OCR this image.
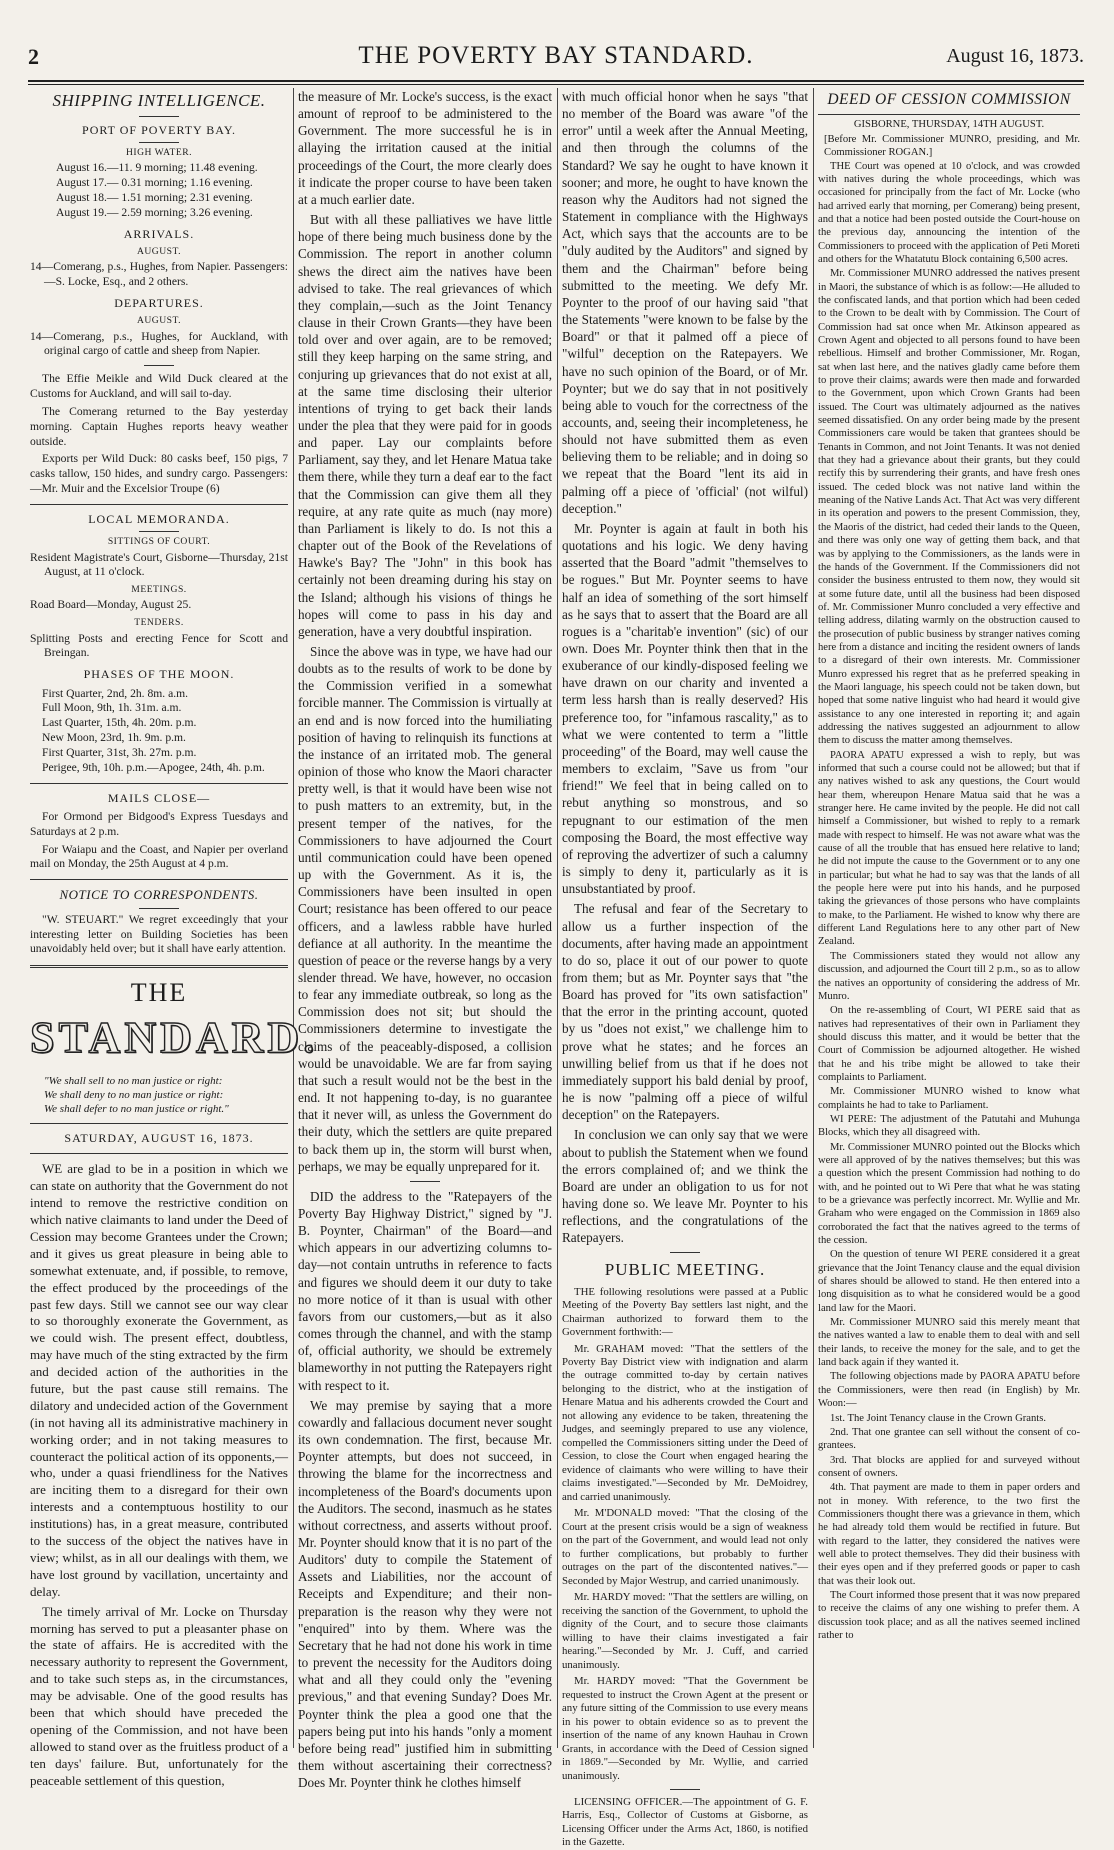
2	THE POVERTY BAY STANDARD.	August 16, 1873.
SHIPPING INTELLIGENCE.
PORT OF POVERTY BAY.
HIGH WATER.
August 16.—11. 9 morning; 11.48 evening.
August 17.— 0.31 morning; 1.16 evening.
August 18.— 1.51 morning; 2.31 evening.
August 19.— 2.59 morning; 3.26 evening.
ARRIVALS.
AUGUST.
14—Comerang, p.s., Hughes, from Napier. Passengers:—S. Locke, Esq., and 2 others.
DEPARTURES.
AUGUST.
14—Comerang, p.s., Hughes, for Auckland, with original cargo of cattle and sheep from Napier.

The Effie Meikle and Wild Duck cleared at the Customs for Auckland, and will sail to-day.

The Comerang returned to the Bay yesterday morning. Captain Hughes reports heavy weather outside.

Exports per Wild Duck: 80 casks beef, 150 pigs, 7 casks tallow, 150 hides, and sundry cargo. Passengers:—Mr. Muir and the Excelsior Troupe (6)

LOCAL MEMORANDA.
SITTINGS OF COURT.
Resident Magistrate's Court, Gisborne—Thursday, 21st August, at 11 o'clock.
MEETINGS.
Road Board—Monday, August 25.
TENDERS.
Splitting Posts and erecting Fence for Scott and Breingan.
PHASES OF THE MOON.
First Quarter, 2nd, 2h. 8m. a.m.
Full Moon, 9th, 1h. 31m. a.m.
Last Quarter, 15th, 4h. 20m. p.m.
New Moon, 23rd, 1h. 9m. p.m.
First Quarter, 31st, 3h. 27m. p.m.
Perigee, 9th, 10h. p.m.—Apogee, 24th, 4h. p.m.
MAILS CLOSE—

For Ormond per Bidgood's Express Tuesdays and Saturdays at 2 p.m.

For Waiapu and the Coast, and Napier per overland mail on Monday, the 25th August at 4 p.m.

NOTICE TO CORRESPONDENTS.

"W. STEUART." We regret exceedingly that your interesting letter on Building Societies has been unavoidably held over; but it shall have early attention.

THE
STANDARD.
"We shall sell to no man justice or right:
We shall deny to no man justice or right:
We shall defer to no man justice or right."
SATURDAY, AUGUST 16, 1873.

WE are glad to be in a position in which we can state on authority that the Government do not intend to remove the restrictive condition on which native claimants to land under the Deed of Cession may become Grantees under the Crown; and it gives us great pleasure in being able to somewhat extenuate, and, if possible, to remove, the effect produced by the proceedings of the past few days. Still we cannot see our way clear to so thoroughly exonerate the Government, as we could wish. The present effect, doubtless, may have much of the sting extracted by the firm and decided action of the authorities in the future, but the past cause still remains. The dilatory and undecided action of the Government (in not having all its administrative machinery in working order; and in not taking measures to counteract the political action of its opponents,—who, under a quasi friendliness for the Natives are inciting them to a disregard for their own interests and a contemptuous hostility to our institutions) has, in a great measure, contributed to the success of the object the natives have in view; whilst, as in all our dealings with them, we have lost ground by vacillation, uncertainty and delay.

The timely arrival of Mr. Locke on Thursday morning has served to put a pleasanter phase on the state of affairs. He is accredited with the necessary authority to represent the Government, and to take such steps as, in the circumstances, may be advisable. One of the good results has been that which should have preceded the opening of the Commission, and not have been allowed to stand over as the fruitless product of a ten days' failure. But, unfortunately for the peaceable settlement of this question,

the measure of Mr. Locke's success, is the exact amount of reproof to be administered to the Government. The more successful he is in allaying the irritation caused at the initial proceedings of the Court, the more clearly does it indicate the proper course to have been taken at a much earlier date.

But with all these palliatives we have little hope of there being much business done by the Commission. The report in another column shews the direct aim the natives have been advised to take. The real grievances of which they complain,—such as the Joint Tenancy clause in their Crown Grants—they have been told over and over again, are to be removed; still they keep harping on the same string, and conjuring up grievances that do not exist at all, at the same time disclosing their ulterior intentions of trying to get back their lands under the plea that they were paid for in goods and paper. Lay our complaints before Parliament, say they, and let Henare Matua take them there, while they turn a deaf ear to the fact that the Commission can give them all they require, at any rate quite as much (nay more) than Parliament is likely to do. Is not this a chapter out of the Book of the Revelations of Hawke's Bay? The "John" in this book has certainly not been dreaming during his stay on the Island; although his visions of things he hopes will come to pass in his day and generation, have a very doubtful inspiration.

Since the above was in type, we have had our doubts as to the results of work to be done by the Commission verified in a somewhat forcible manner. The Commission is virtually at an end and is now forced into the humiliating position of having to relinquish its functions at the instance of an irritated mob. The general opinion of those who know the Maori character pretty well, is that it would have been wise not to push matters to an extremity, but, in the present temper of the natives, for the Commissioners to have adjourned the Court until communication could have been opened up with the Government. As it is, the Commissioners have been insulted in open Court; resistance has been offered to our peace officers, and a lawless rabble have hurled defiance at all authority. In the meantime the question of peace or the reverse hangs by a very slender thread. We have, however, no occasion to fear any immediate outbreak, so long as the Commission does not sit; but should the Commissioners determine to investigate the claims of the peaceably-disposed, a collision would be unavoidable. We are far from saying that such a result would not be the best in the end. It not happening to-day, is no guarantee that it never will, as unless the Government do their duty, which the settlers are quite prepared to back them up in, the storm will burst when, perhaps, we may be equally unprepared for it.

DID the address to the "Ratepayers of the Poverty Bay Highway District," signed by "J. B. Poynter, Chairman" of the Board—and which appears in our advertizing columns to-day—not contain untruths in reference to facts and figures we should deem it our duty to take no more notice of it than is usual with other favors from our customers,—but as it also comes through the channel, and with the stamp of, official authority, we should be extremely blameworthy in not putting the Ratepayers right with respect to it.

We may premise by saying that a more cowardly and fallacious document never sought its own condemnation. The first, because Mr. Poynter attempts, but does not succeed, in throwing the blame for the incorrectness and incompleteness of the Board's documents upon the Auditors. The second, inasmuch as he states without correctness, and asserts without proof. Mr. Poynter should know that it is no part of the Auditors' duty to compile the Statement of Assets and Liabilities, nor the account of Receipts and Expenditure; and their non-preparation is the reason why they were not "enquired" into by them. Where was the Secretary that he had not done his work in time to prevent the necessity for the Auditors doing what and all they could only the "evening previous," and that evening Sunday? Does Mr. Poynter think the plea a good one that the papers being put into his hands "only a moment before being read" justified him in submitting them without ascertaining their correctness? Does Mr. Poynter think he clothes himself

with much official honor when he says "that no member of the Board was aware "of the error" until a week after the Annual Meeting, and then through the columns of the Standard? We say he ought to have known it sooner; and more, he ought to have known the reason why the Auditors had not signed the Statement in compliance with the Highways Act, which says that the accounts are to be "duly audited by the Auditors" and signed by them and the Chairman" before being submitted to the meeting. We defy Mr. Poynter to the proof of our having said "that the Statements "were known to be false by the Board" or that it palmed off a piece of "wilful" deception on the Ratepayers. We have no such opinion of the Board, or of Mr. Poynter; but we do say that in not positively being able to vouch for the correctness of the accounts, and, seeing their incompleteness, he should not have submitted them as even believing them to be reliable; and in doing so we repeat that the Board "lent its aid in palming off a piece of 'official' (not wilful) deception."

Mr. Poynter is again at fault in both his quotations and his logic. We deny having asserted that the Board "admit "themselves to be rogues." But Mr. Poynter seems to have half an idea of something of the sort himself as he says that to assert that the Board are all rogues is a "charitab'e invention" (sic) of our own. Does Mr. Poynter think then that in the exuberance of our kindly-disposed feeling we have drawn on our charity and invented a term less harsh than is really deserved? His preference too, for "infamous rascality," as to what we were contented to term a "little proceeding" of the Board, may well cause the members to exclaim, "Save us from "our friend!" We feel that in being called on to rebut anything so monstrous, and so repugnant to our estimation of the men composing the Board, the most effective way of reproving the advertizer of such a calumny is simply to deny it, particularly as it is unsubstantiated by proof.

The refusal and fear of the Secretary to allow us a further inspection of the documents, after having made an appointment to do so, place it out of our power to quote from them; but as Mr. Poynter says that "the Board has proved for "its own satisfaction" that the error in the printing account, quoted by us "does not exist," we challenge him to prove what he states; and he forces an unwilling belief from us that if he does not immediately support his bald denial by proof, he is now "palming off a piece of wilful deception" on the Ratepayers.

In conclusion we can only say that we were about to publish the Statement when we found the errors complained of; and we think the Board are under an obligation to us for not having done so. We leave Mr. Poynter to his reflections, and the congratulations of the Ratepayers.

PUBLIC MEETING.

THE following resolutions were passed at a Public Meeting of the Poverty Bay settlers last night, and the Chairman authorized to forward them to the Government forthwith:—

Mr. GRAHAM moved: "That the settlers of the Poverty Bay District view with indignation and alarm the outrage committed to-day by certain natives belonging to the district, who at the instigation of Henare Matua and his adherents crowded the Court and not allowing any evidence to be taken, threatening the Judges, and seemingly prepared to use any violence, compelled the Commissioners sitting under the Deed of Cession, to close the Court when engaged hearing the evidence of claimants who were willing to have their claims investigated."—Seconded by Mr. DeMoidrey, and carried unanimously.

Mr. M'DONALD moved: "That the closing of the Court at the present crisis would be a sign of weakness on the part of the Government, and would lead not only to further complications, but probably to further outrages on the part of the discontented natives."—Seconded by Major Westrup, and carried unanimously.

Mr. HARDY moved: "That the settlers are willing, on receiving the sanction of the Government, to uphold the dignity of the Court, and to secure those claimants willing to have their claims investigated a fair hearing."—Seconded by Mr. J. Cuff, and carried unanimously.

Mr. HARDY moved: "That the Government be requested to instruct the Crown Agent at the present or any future sitting of the Commission to use every means in his power to obtain evidence so as to prevent the insertion of the name of any known Hauhau in Crown Grants, in accordance with the Deed of Cession signed in 1869."—Seconded by Mr. Wyllie, and carried unanimously.

LICENSING OFFICER.—The appointment of G. F. Harris, Esq., Collector of Customs at Gisborne, as Licensing Officer under the Arms Act, 1860, is notified in the Gazette.

DEED OF CESSION COMMISSION
GISBORNE, THURSDAY, 14TH AUGUST.
[Before Mr. Commissioner MUNRO, presiding, and Mr. Commissioner ROGAN.]
THE Court was opened at 10 o'clock, and was crowded with natives during the whole proceedings, which was occasioned for principally from the fact of Mr. Locke (who had arrived early that morning, per Comerang) being present, and that a notice had been posted outside the Court-house on the previous day, announcing the intention of the Commissioners to proceed with the application of Peti Moreti and others for the Whatatutu Block containing 6,500 acres.
Mr. Commissioner MUNRO addressed the natives present in Maori, the substance of which is as follow:—He alluded to the confiscated lands, and that portion which had been ceded to the Crown to be dealt with by Commission. The Court of Commission had sat once when Mr. Atkinson appeared as Crown Agent and objected to all persons found to have been rebellious. Himself and brother Commissioner, Mr. Rogan, sat when last here, and the natives gladly came before them to prove their claims; awards were then made and forwarded to the Government, upon which Crown Grants had been issued. The Court was ultimately adjourned as the natives seemed dissatisfied. On any order being made by the present Commissioners care would be taken that grantees should be Tenants in Common, and not Joint Tenants. It was not denied that they had a grievance about their grants, but they could rectify this by surrendering their grants, and have fresh ones issued. The ceded block was not native land within the meaning of the Native Lands Act. That Act was very different in its operation and powers to the present Commission, they, the Maoris of the district, had ceded their lands to the Queen, and there was only one way of getting them back, and that was by applying to the Commissioners, as the lands were in the hands of the Government. If the Commissioners did not consider the business entrusted to them now, they would sit at some future date, until all the business had been disposed of. Mr. Commissioner Munro concluded a very effective and telling address, dilating warmly on the obstruction caused to the prosecution of public business by stranger natives coming here from a distance and inciting the resident owners of lands to a disregard of their own interests. Mr. Commissioner Munro expressed his regret that as he preferred speaking in the Maori language, his speech could not be taken down, but hoped that some native linguist who had heard it would give assistance to any one interested in reporting it; and again addressing the natives suggested an adjournment to allow them to discuss the matter among themselves.
PAORA APATU expressed a wish to reply, but was informed that such a course could not be allowed; but that if any natives wished to ask any questions, the Court would hear them, whereupon Henare Matua said that he was a stranger here. He came invited by the people. He did not call himself a Commissioner, but wished to reply to a remark made with respect to himself. He was not aware what was the cause of all the trouble that has ensued here relative to land; he did not impute the cause to the Government or to any one in particular; but what he had to say was that the lands of all the people here were put into his hands, and he purposed taking the grievances of those persons who have complaints to make, to the Parliament. He wished to know why there are different Land Regulations here to any other part of New Zealand.
The Commissioners stated they would not allow any discussion, and adjourned the Court till 2 p.m., so as to allow the natives an opportunity of considering the address of Mr. Munro.
On the re-assembling of Court, WI PERE said that as natives had representatives of their own in Parliament they should discuss this matter, and it would be better that the Court of Commission be adjourned altogether. He wished that he and his tribe might be allowed to take their complaints to Parliament.
Mr. Commissioner MUNRO wished to know what complaints he had to take to Parliament.
WI PERE: The adjustment of the Patutahi and Muhunga Blocks, which they all disagreed with.
Mr. Commissioner MUNRO pointed out the Blocks which were all approved of by the natives themselves; but this was a question which the present Commission had nothing to do with, and he pointed out to Wi Pere that what he was stating to be a grievance was perfectly incorrect. Mr. Wyllie and Mr. Graham who were engaged on the Commission in 1869 also corroborated the fact that the natives agreed to the terms of the cession.
On the question of tenure WI PERE considered it a great grievance that the Joint Tenancy clause and the equal division of shares should be allowed to stand. He then entered into a long disquisition as to what he considered would be a good land law for the Maori.
Mr. Commissioner MUNRO said this merely meant that the natives wanted a law to enable them to deal with and sell their lands, to receive the money for the sale, and to get the land back again if they wanted it.
The following objections made by PAORA APATU before the Commissioners, were then read (in English) by Mr. Woon:—
1st. The Joint Tenancy clause in the Crown Grants.
2nd. That one grantee can sell without the consent of co-grantees.
3rd. That blocks are applied for and surveyed without consent of owners.
4th. That payment are made to them in paper orders and not in money. With reference, to the two first the Commissioners thought there was a grievance in them, which he had already told them would be rectified in future. But with regard to the latter, they considered the natives were well able to protect themselves. They did their business with their eyes open and if they preferred goods or paper to cash that was their look out.
The Court informed those present that it was now prepared to receive the claims of any one wishing to prefer them. A discussion took place; and as all the natives seemed inclined rather to
